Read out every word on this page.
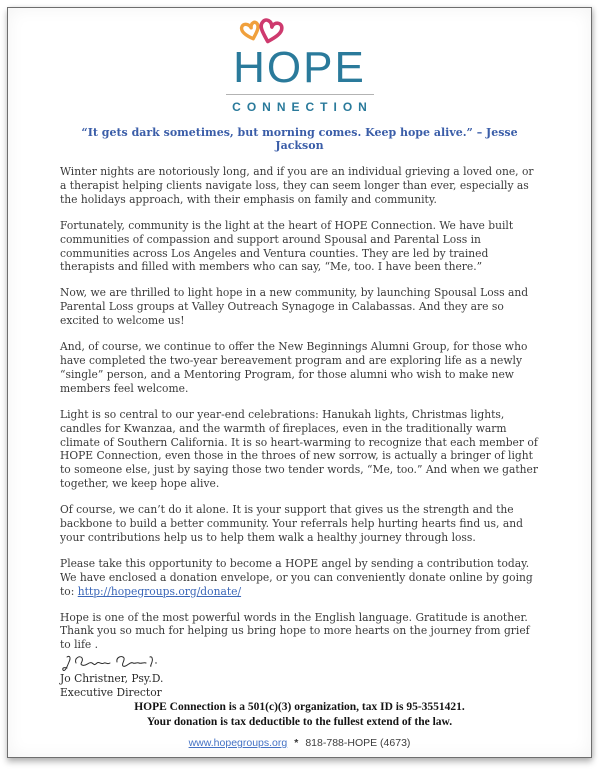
HOPE
CONNECTION
“It gets dark sometimes, but morning comes. Keep hope alive.” – Jesse Jackson

Winter nights are notoriously long, and if you are an individual grieving a loved one, or a therapist helping clients navigate loss, they can seem longer than ever, especially as the holidays approach, with their emphasis on family and community.

Fortunately, community is the light at the heart of HOPE Connection. We have built communities of compassion and support around Spousal and Parental Loss in communities across Los Angeles and Ventura counties. They are led by trained therapists and filled with members who can say, “Me, too. I have been there.”

Now, we are thrilled to light hope in a new community, by launching Spousal Loss and Parental Loss groups at Valley Outreach Synagoge in Calabassas. And they are so excited to welcome us!

And, of course, we continue to offer the New Beginnings Alumni Group, for those who have completed the two-year bereavement program and are exploring life as a newly “single” person, and a Mentoring Program, for those alumni who wish to make new members feel welcome.

Light is so central to our year-end celebrations: Hanukah lights, Christmas lights, candles for Kwanzaa, and the warmth of fireplaces, even in the traditionally warm climate of Southern California. It is so heart-warming to recognize that each member of HOPE Connection, even those in the throes of new sorrow, is actually a bringer of light to someone else, just by saying those two tender words, “Me, too.” And when we gather together, we keep hope alive.

Of course, we can’t do it alone. It is your support that gives us the strength and the backbone to build a better community. Your referrals help hurting hearts find us, and your contributions help us to help them walk a healthy journey through loss.

Please take this opportunity to become a HOPE angel by sending a contribution today. We have enclosed a donation envelope, or you can conveniently donate online by going to: http://hopegroups.org/donate/

Hope is one of the most powerful words in the English language. Gratitude is another. Thank you so much for helping us bring hope to more hearts on the journey from grief to life .

Jo Christner, Psy.D.
Executive Director
HOPE Connection is a 501(c)(3) organization, tax ID is 95-3551421.
Your donation is tax deductible to the fullest extend of the law.
www.hopegroups.org * 818-788-HOPE (4673)
